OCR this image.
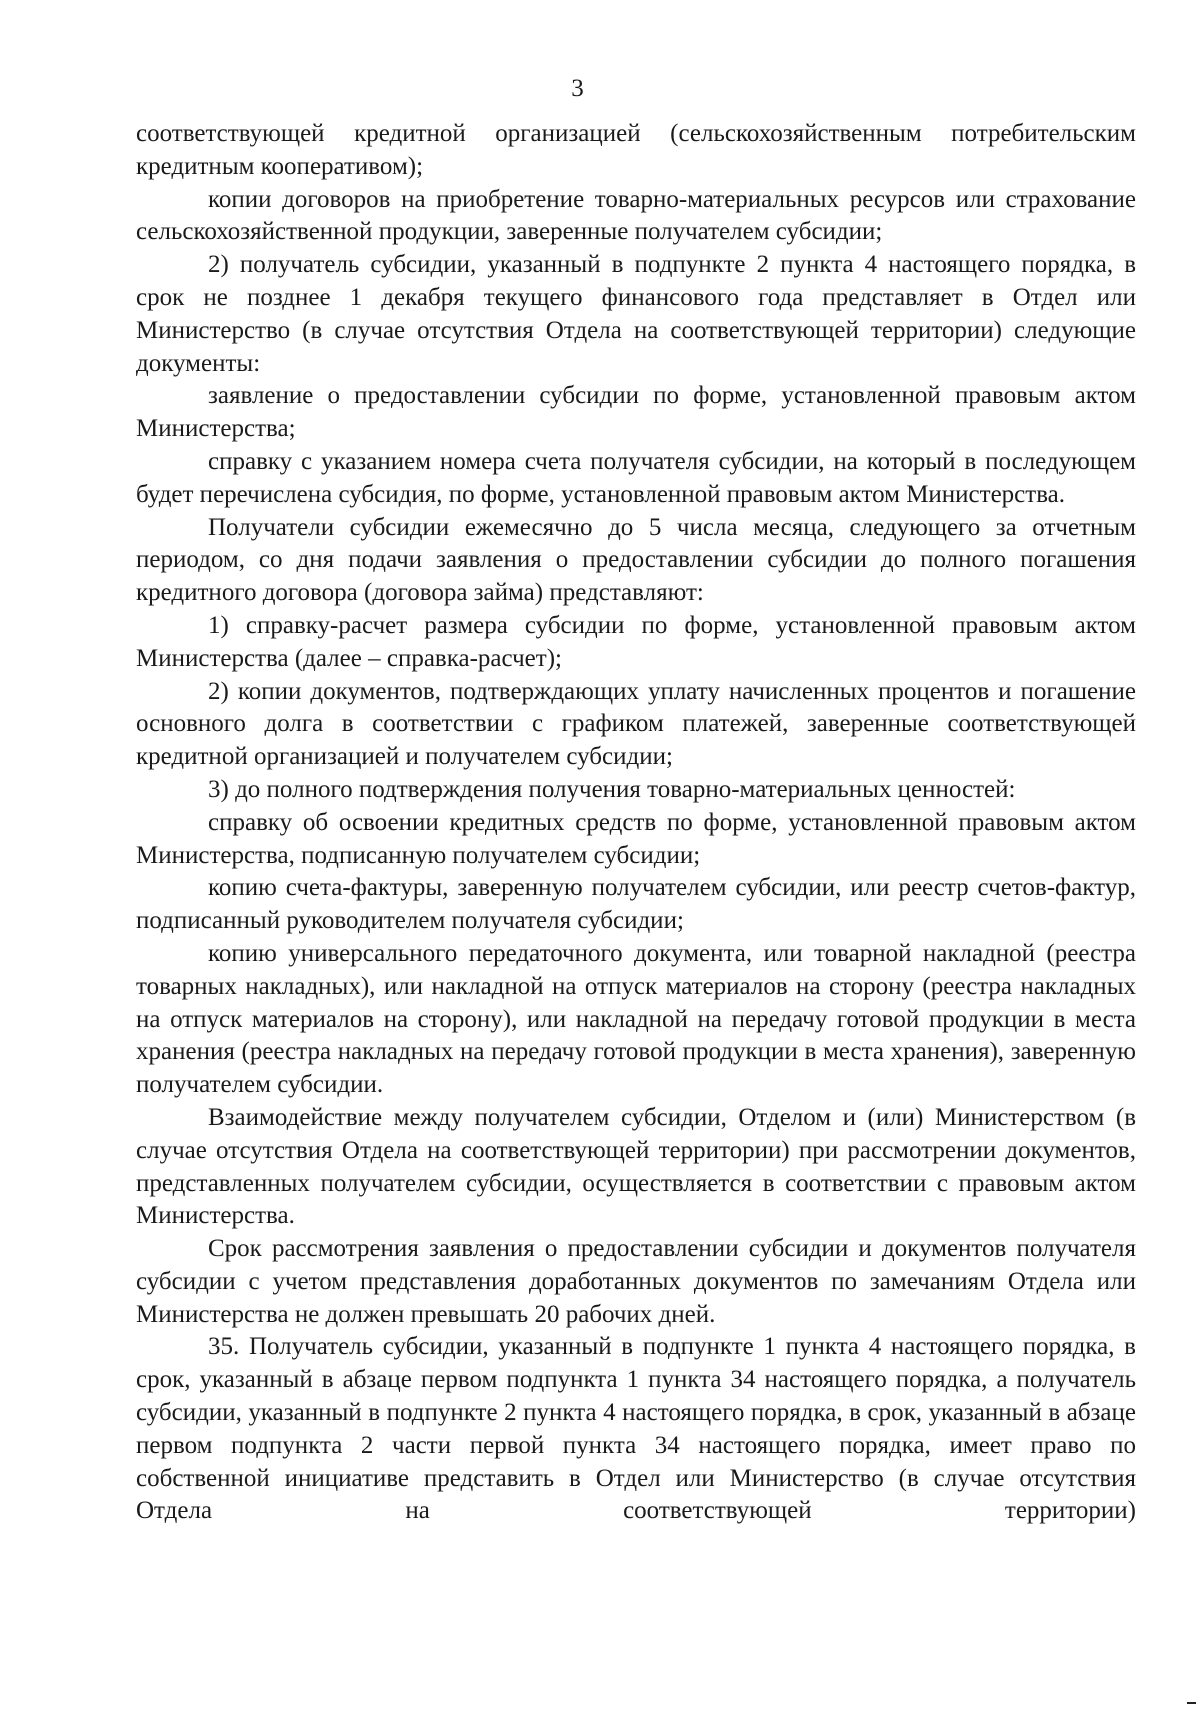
3

соответствующей кредитной организацией (сельскохозяйственным потребительским кредитным кооперативом);

копии договоров на приобретение товарно-материальных ресурсов или страхование сельскохозяйственной продукции, заверенные получателем субсидии;

2) получатель субсидии, указанный в подпункте 2 пункта 4 настоящего порядка, в срок не позднее 1 декабря текущего финансового года представляет в Отдел или Министерство (в случае отсутствия Отдела на соответствующей территории) следующие документы:

заявление о предоставлении субсидии по форме, установленной правовым актом Министерства;

справку с указанием номера счета получателя субсидии, на который в последующем будет перечислена субсидия, по форме, установленной правовым актом Министерства.

Получатели субсидии ежемесячно до 5 числа месяца, следующего за отчетным периодом, со дня подачи заявления о предоставлении субсидии до полного погашения кредитного договора (договора займа) представляют:

1) справку-расчет размера субсидии по форме, установленной правовым актом Министерства (далее – справка-расчет);

2) копии документов, подтверждающих уплату начисленных процентов и погашение основного долга в соответствии с графиком платежей, заверенные соответствующей кредитной организацией и получателем субсидии;

3) до полного подтверждения получения товарно-материальных ценностей:

справку об освоении кредитных средств по форме, установленной правовым актом Министерства, подписанную получателем субсидии;

копию счета-фактуры, заверенную получателем субсидии, или реестр счетов-фактур, подписанный руководителем получателя субсидии;

копию универсального передаточного документа, или товарной накладной (реестра товарных накладных), или накладной на отпуск материалов на сторону (реестра накладных на отпуск материалов на сторону), или накладной на передачу готовой продукции в места хранения (реестра накладных на передачу готовой продукции в места хранения), заверенную получателем субсидии.

Взаимодействие между получателем субсидии, Отделом и (или) Министерством (в случае отсутствия Отдела на соответствующей территории) при рассмотрении документов, представленных получателем субсидии, осуществляется в соответствии с правовым актом Министерства.

Срок рассмотрения заявления о предоставлении субсидии и документов получателя субсидии с учетом представления доработанных документов по замечаниям Отдела или Министерства не должен превышать 20 рабочих дней.

35. Получатель субсидии, указанный в подпункте 1 пункта 4 настоящего порядка, в срок, указанный в абзаце первом подпункта 1 пункта 34 настоящего порядка, а получатель субсидии, указанный в подпункте 2 пункта 4 настоящего порядка, в срок, указанный в абзаце первом подпункта 2 части первой пункта 34 настоящего порядка, имеет право по собственной инициативе представить в Отдел или Министерство (в случае отсутствия Отдела на соответствующей территории)
